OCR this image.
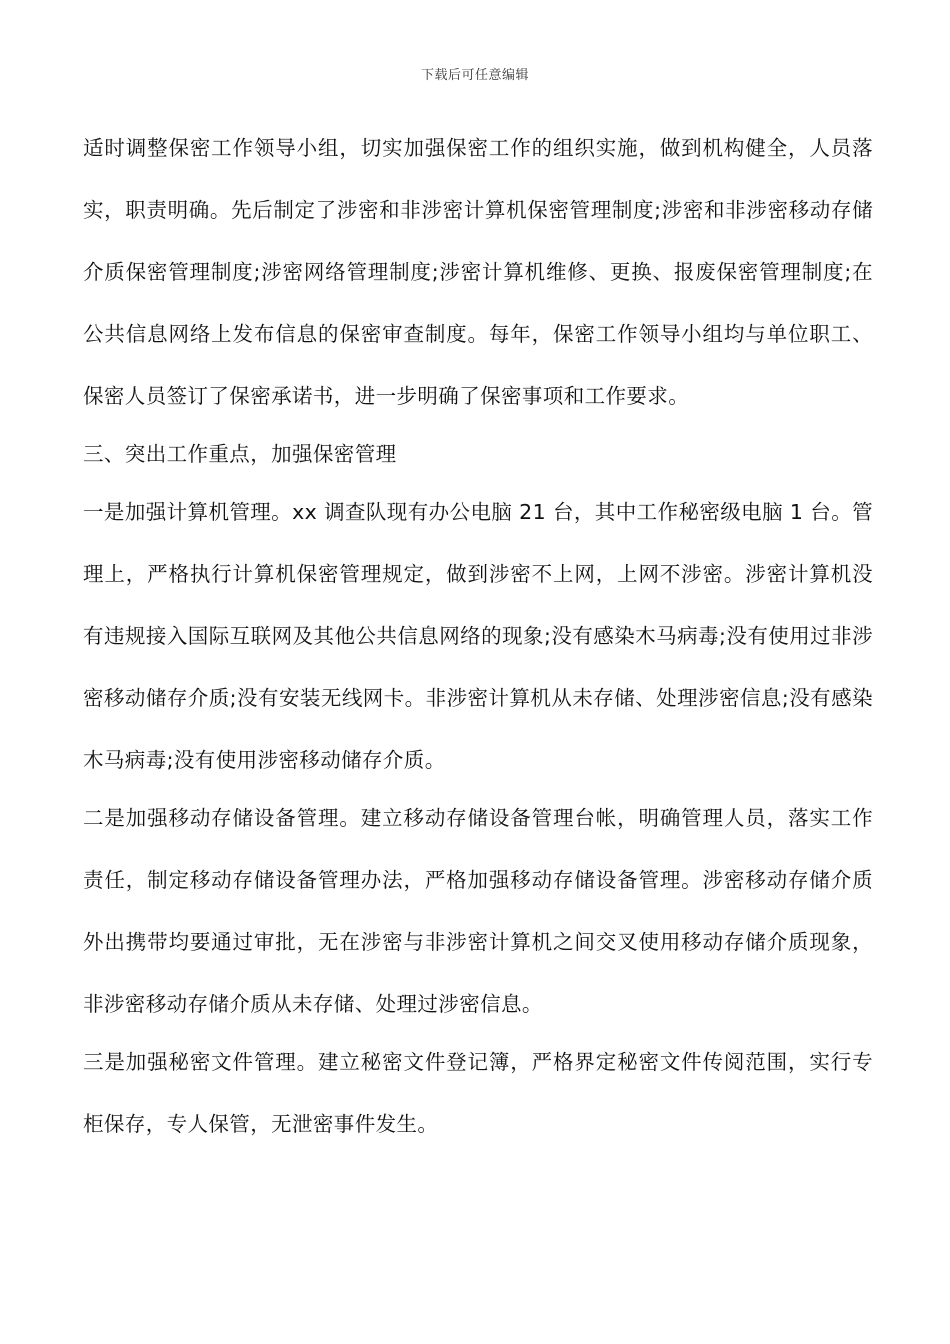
下载后可任意编辑

适时调整保密工作领导小组，切实加强保密工作的组织实施，做到机构健全，人员落实，职责明确。先后制定了涉密和非涉密计算机保密管理制度;涉密和非涉密移动存储介质保密管理制度;涉密网络管理制度;涉密计算机维修、更换、报废保密管理制度;在公共信息网络上发布信息的保密审查制度。每年，保密工作领导小组均与单位职工、保密人员签订了保密承诺书，进一步明确了保密事项和工作要求。

三、突出工作重点，加强保密管理

一是加强计算机管理。xx 调查队现有办公电脑 21 台，其中工作秘密级电脑 1 台。管理上，严格执行计算机保密管理规定，做到涉密不上网，上网不涉密。涉密计算机没有违规接入国际互联网及其他公共信息网络的现象;没有感染木马病毒;没有使用过非涉密移动储存介质;没有安装无线网卡。非涉密计算机从未存储、处理涉密信息;没有感染木马病毒;没有使用涉密移动储存介质。

二是加强移动存储设备管理。建立移动存储设备管理台帐，明确管理人员，落实工作责任，制定移动存储设备管理办法，严格加强移动存储设备管理。涉密移动存储介质外出携带均要通过审批，无在涉密与非涉密计算机之间交叉使用移动存储介质现象，非涉密移动存储介质从未存储、处理过涉密信息。

三是加强秘密文件管理。建立秘密文件登记簿，严格界定秘密文件传阅范围，实行专柜保存，专人保管，无泄密事件发生。
